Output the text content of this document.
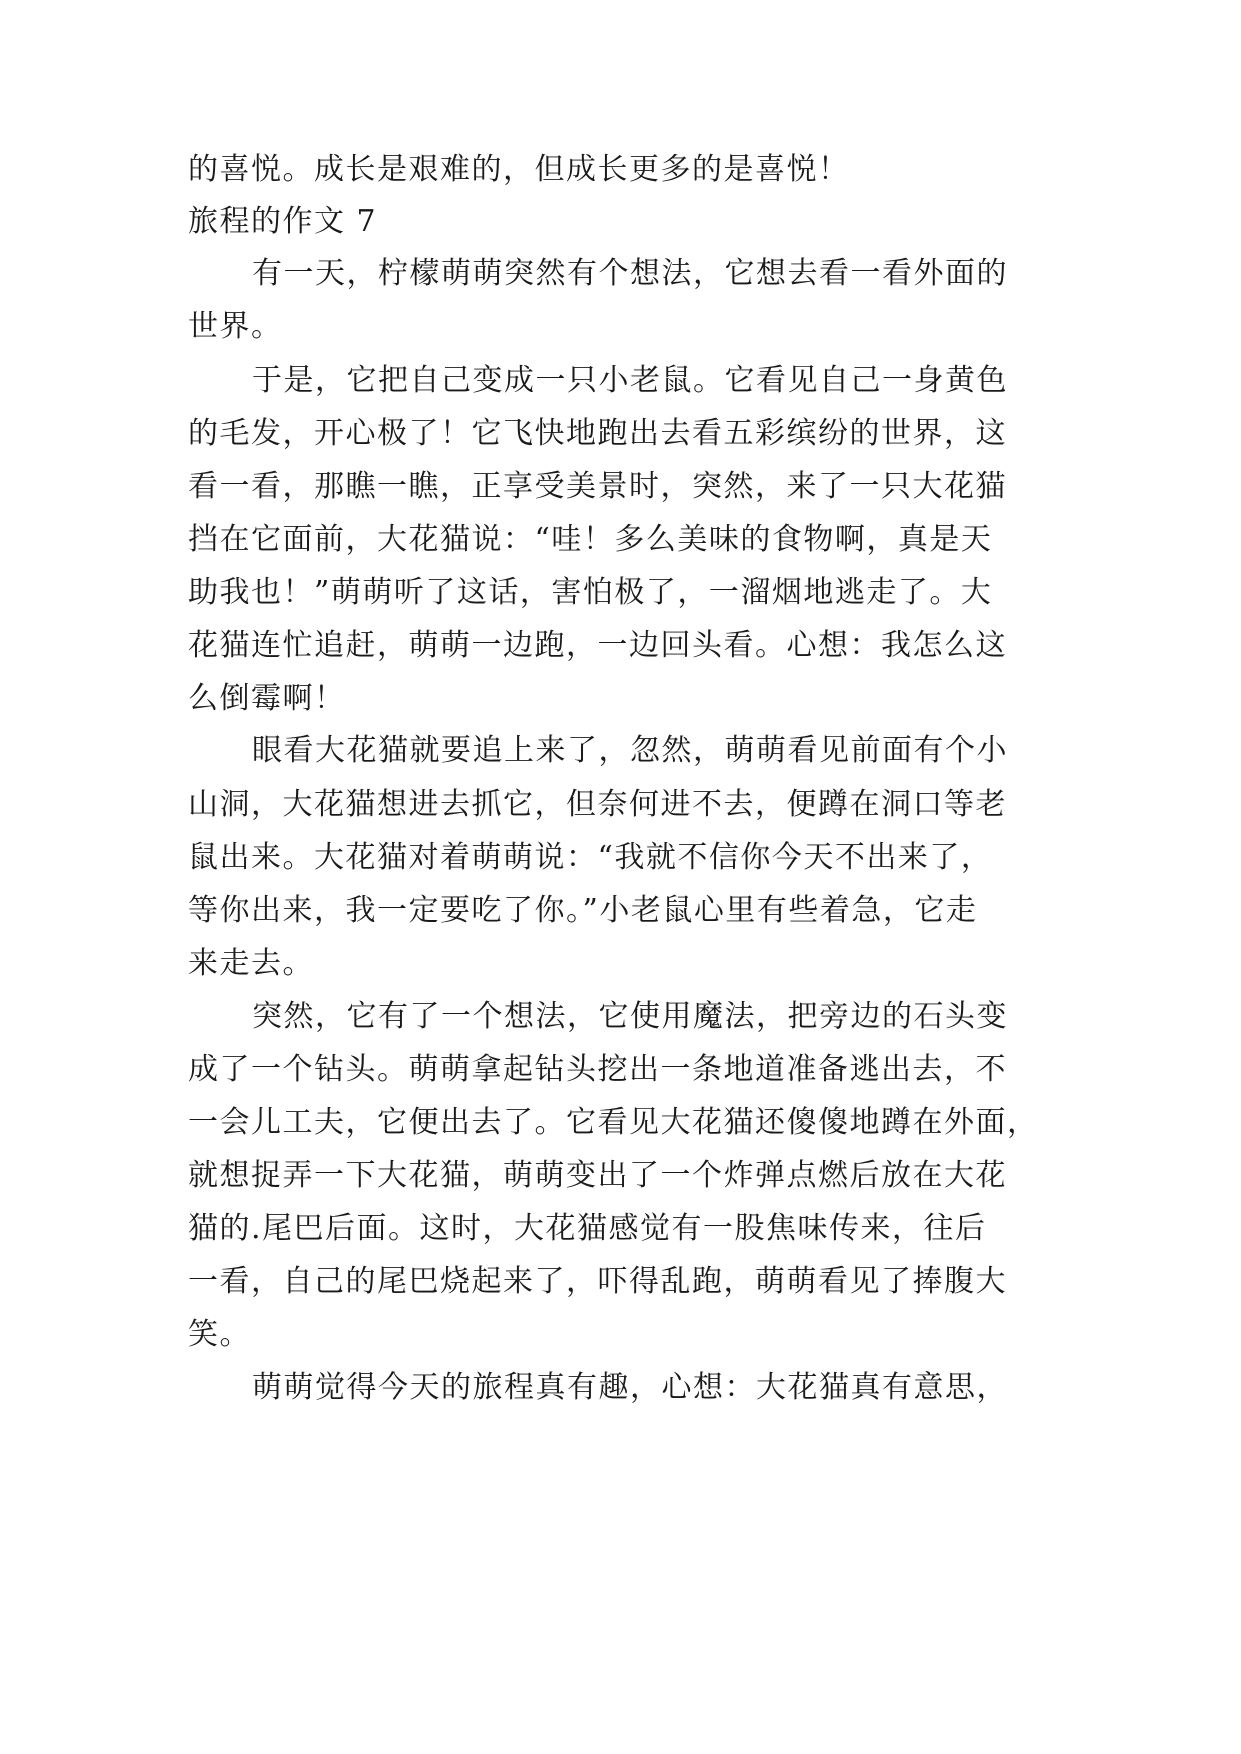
的喜悦。成长是艰难的，但成长更多的是喜悦！
旅程的作文 7
有一天，柠檬萌萌突然有个想法，它想去看一看外面的
世界。
于是，它把自己变成一只小老鼠。它看见自己一身黄色
的毛发，开心极了！它飞快地跑出去看五彩缤纷的世界，这
看一看，那瞧一瞧，正享受美景时，突然，来了一只大花猫
挡在它面前，大花猫说：“哇！多么美味的食物啊，真是天
助我也！”萌萌听了这话，害怕极了，一溜烟地逃走了。大
花猫连忙追赶，萌萌一边跑，一边回头看。心想：我怎么这
么倒霉啊！
眼看大花猫就要追上来了，忽然，萌萌看见前面有个小
山洞，大花猫想进去抓它，但奈何进不去，便蹲在洞口等老
鼠出来。大花猫对着萌萌说：“我就不信你今天不出来了，
等你出来，我一定要吃了你。”小老鼠心里有些着急，它走
来走去。
突然，它有了一个想法，它使用魔法，把旁边的石头变
成了一个钻头。萌萌拿起钻头挖出一条地道准备逃出去，不
一会儿工夫，它便出去了。它看见大花猫还傻傻地蹲在外面，
就想捉弄一下大花猫，萌萌变出了一个炸弹点燃后放在大花
猫的.尾巴后面。这时，大花猫感觉有一股焦味传来，往后
一看，自己的尾巴烧起来了，吓得乱跑，萌萌看见了捧腹大
笑。
萌萌觉得今天的旅程真有趣，心想：大花猫真有意思，
